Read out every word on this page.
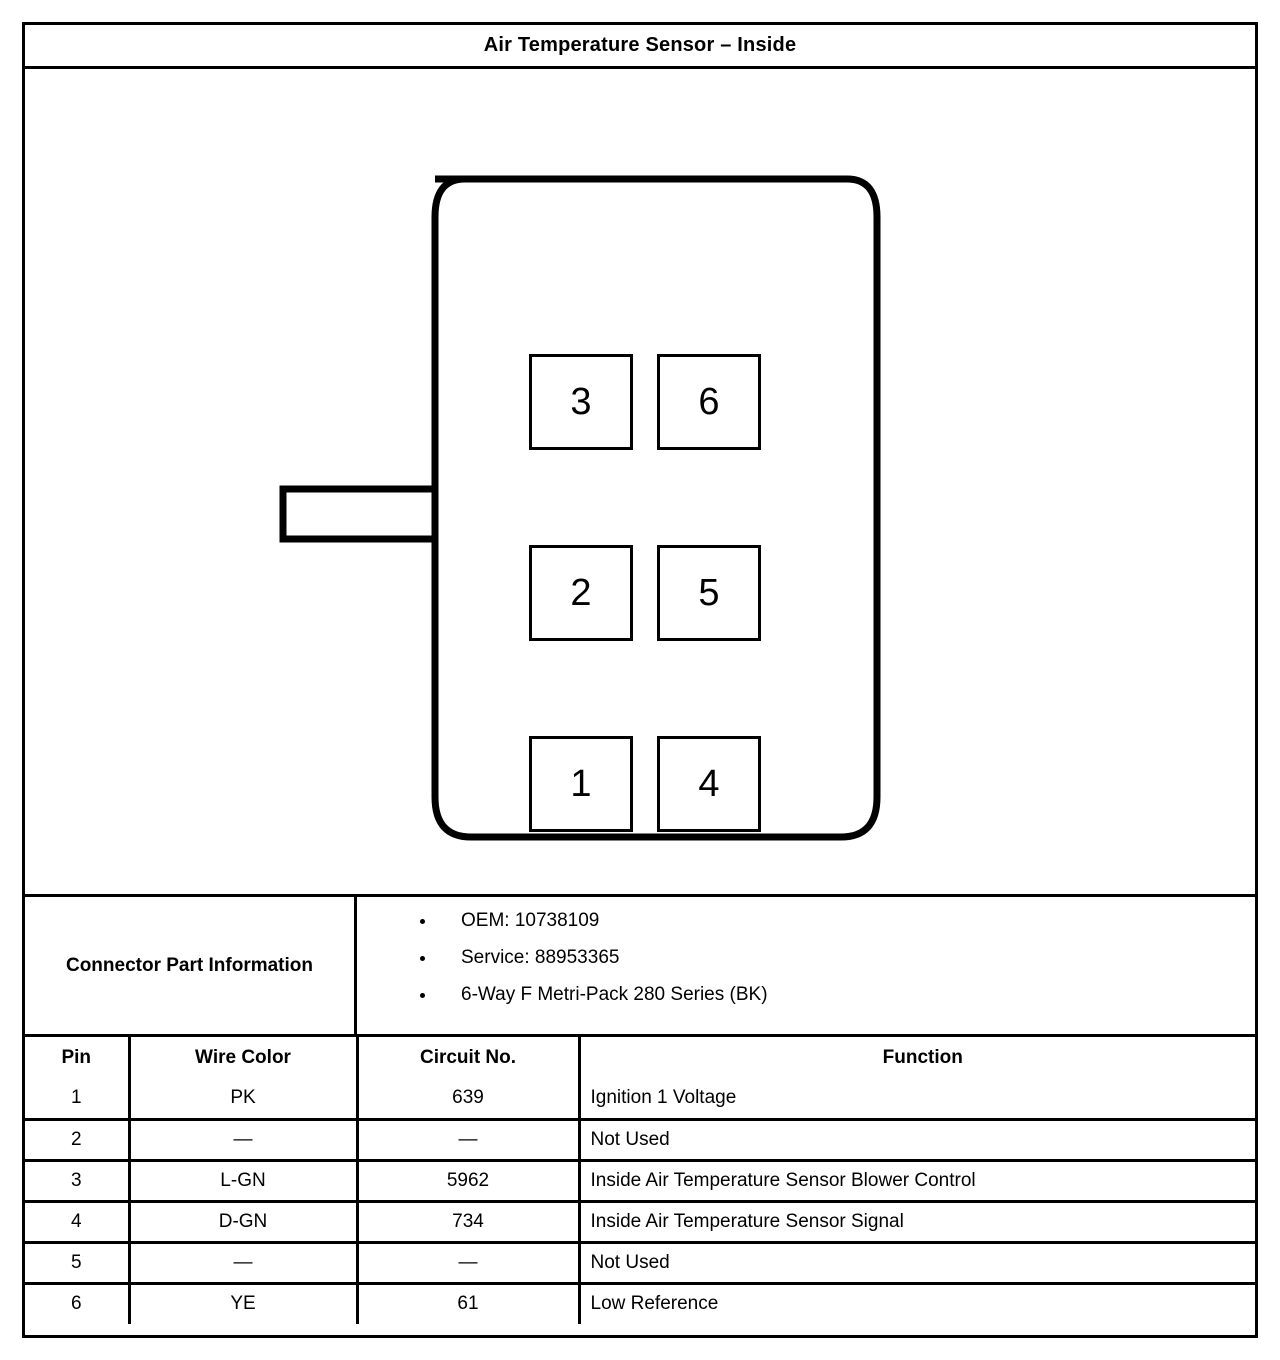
Air Temperature Sensor – Inside
3	6
2	5
1	4
Connector Part Information
• OEM: 10738109
• Service: 88953365
• 6-Way F Metri-Pack 280 Series (BK)
Pin	Wire Color	Circuit No.	Function
1	PK	639	Ignition 1 Voltage
2	—	—	Not Used
3	L-GN	5962	Inside Air Temperature Sensor Blower Control
4	D-GN	734	Inside Air Temperature Sensor Signal
5	—	—	Not Used
6	YE	61	Low Reference
